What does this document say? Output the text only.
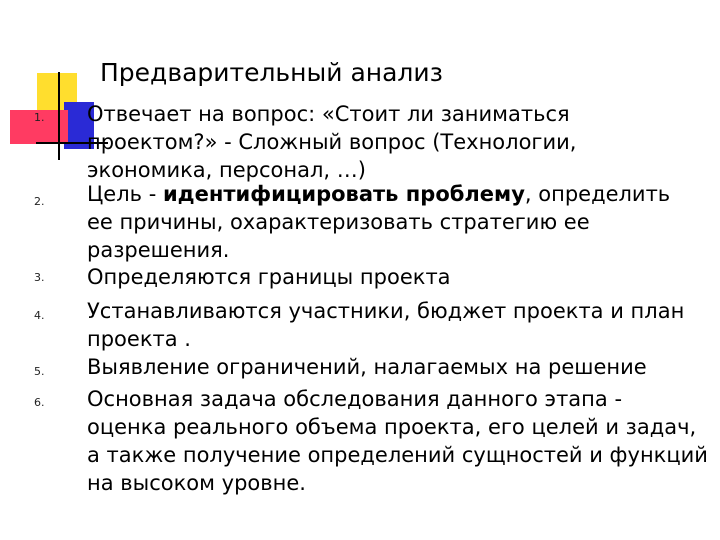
Предварительный анализ
1. Отвечает на вопрос: «Стоит ли заниматься
проектом?» - Сложный вопрос (Технологии,
экономика, персонал, …)
2. Цель - идентифицировать проблему, определить
ее причины, охарактеризовать стратегию ее
разрешения.
3. Определяются границы проекта
4. Устанавливаются участники, бюджет проекта и план
проекта .
5. Выявление ограничений, налагаемых на решение
6. Основная задача обследования данного этапа -
оценка реального объема проекта, его целей и задач,
а также получение определений сущностей и функций
на высоком уровне.
